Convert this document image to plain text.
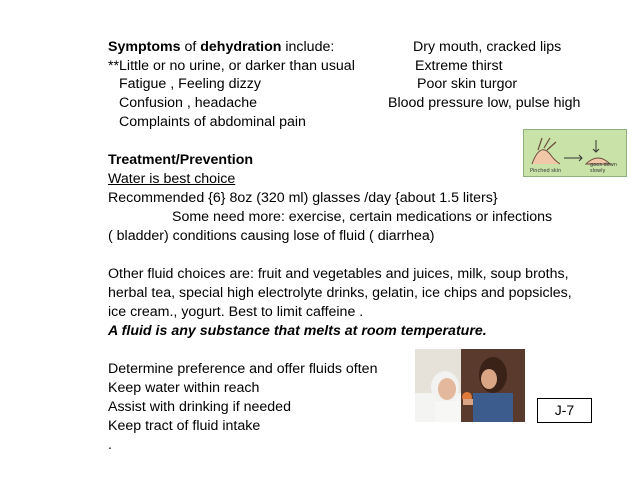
Symptoms of dehydration include:
**Little or no urine, or darker than usual
Fatigue , Feeling dizzy
Confusion , headache
Complaints of abdominal pain
Dry mouth, cracked lips
Extreme thirst
Poor skin turgor
Blood pressure low, pulse high
Treatment/Prevention
Water is best choice
Recommended {6} 8oz (320 ml) glasses /day {about 1.5 liters}
Some need more: exercise, certain medications or infections
( bladder) conditions causing lose of fluid ( diarrhea)
Pinched skin
goes down slowly
Other fluid choices are: fruit and vegetables and juices, milk, soup broths,
herbal tea, special high electrolyte drinks, gelatin, ice chips and popsicles,
ice cream., yogurt. Best to limit caffeine .
A fluid is any substance that melts at room temperature.
Determine preference and offer fluids often
Keep water within reach
Assist with drinking if needed
Keep tract of fluid intake
.
J-7
